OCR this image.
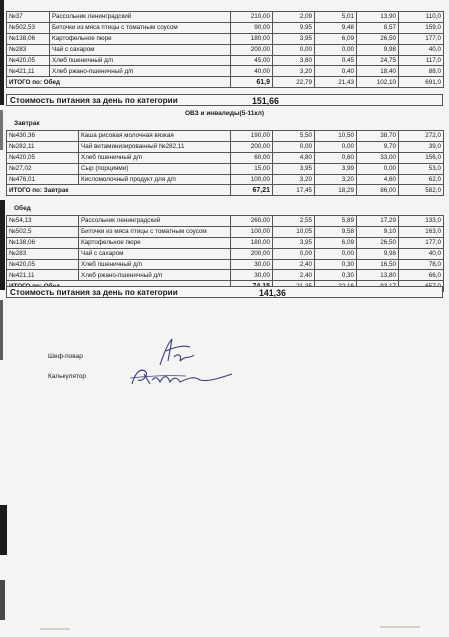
№37	Рассольник ленинградский	210,00	2,09	5,01	13,90	110,0
№502,53	Биточки из мяса птицы с томатным соусом	90,00	9,95	9,48	8,57	159,0
№138,06	Картофельное пюре	180,00	3,95	6,09	26,50	177,0
№283	Чай с сахаром	200,00	0,00	0,00	9,98	40,0
№420,05	Хлеб пшеничный д/п	45,00	3,60	0,45	24,75	117,0
№421,11	Хлеб ржано-пшеничный д/п	40,00	3,20	0,40	18,40	88,0
ИТОГО по: Обед		61,9	22,79	21,43	102,10	691,0
Стоимость питания за день по категории	151,66
ОВЗ и инвалиды(5-11кл)
Завтрак
№430,36	Каша рисовая молочная вязкая	190,00	5,50	10,50	38,70	272,0
№282,11	Чай витаминизированный №282,11	200,00	0,00	0,00	9,70	39,0
№420,05	Хлеб пшеничный д/п	60,00	4,80	0,60	33,00	156,0
№27,02	Сыр (порциями)	15,00	3,95	3,99	0,00	53,0
№476,01	Кисломолочный продукт для д/п	100,00	3,20	3,20	4,60	62,0
ИТОГО по: Завтрак		67,21	17,45	18,29	86,00	582,0
Обед
№54,13	Рассольник ленинградский	260,00	2,55	5,89	17,29	133,0
№502,5	Биточки из мяса птицы с томатным соусом	100,00	10,05	9,58	9,10	163,0
№138,06	Картофельное пюре	180,00	3,95	6,09	26,50	177,0
№283	Чай с сахаром	200,00	0,00	0,00	9,98	40,0
№420,05	Хлеб пшеничный д/п	30,00	2,40	0,30	16,50	78,0
№421,11	Хлеб ржано-пшеничный д/п	30,00	2,40	0,30	13,80	66,0

Стоимость питания за день по категории	141,36
Шеф-повар
Калькулятор
